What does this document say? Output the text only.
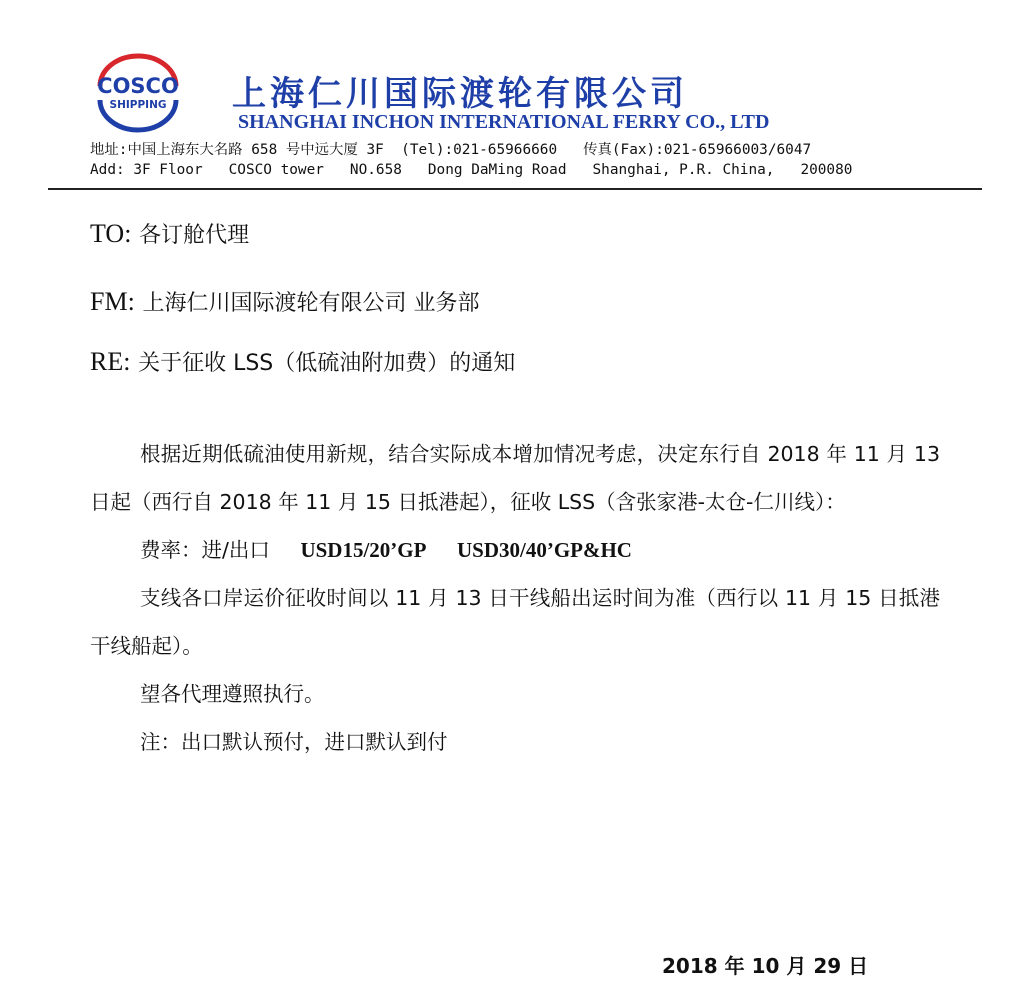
COSCO
SHIPPING 上海仁川国际渡轮有限公司
SHANGHAI INCHON INTERNATIONAL FERRY CO., LTD
地址:中国上海东大名路 658 号中远大厦 3F  (Tel):021-65966660   传真(Fax):021-65966003/6047
Add: 3F Floor   COSCO tower   NO.658   Dong DaMing Road   Shanghai, P.R. China,   200080
TO: 各订舱代理
FM: 上海仁川国际渡轮有限公司 业务部
RE: 关于征收 LSS（低硫油附加费）的通知

根据近期低硫油使用新规，结合实际成本增加情况考虑，决定东行自 2018 年 11 月 13 日起（西行自 2018 年 11 月 15 日抵港起），征收 LSS（含张家港-太仓-仁川线）：

费率：进/出口 USD15/20’GP USD30/40’GP&HC

支线各口岸运价征收时间以 11 月 13 日干线船出运时间为准（西行以 11 月 15 日抵港干线船起）。

望各代理遵照执行。

注：出口默认预付，进口默认到付

2018 年 10 月 29 日
